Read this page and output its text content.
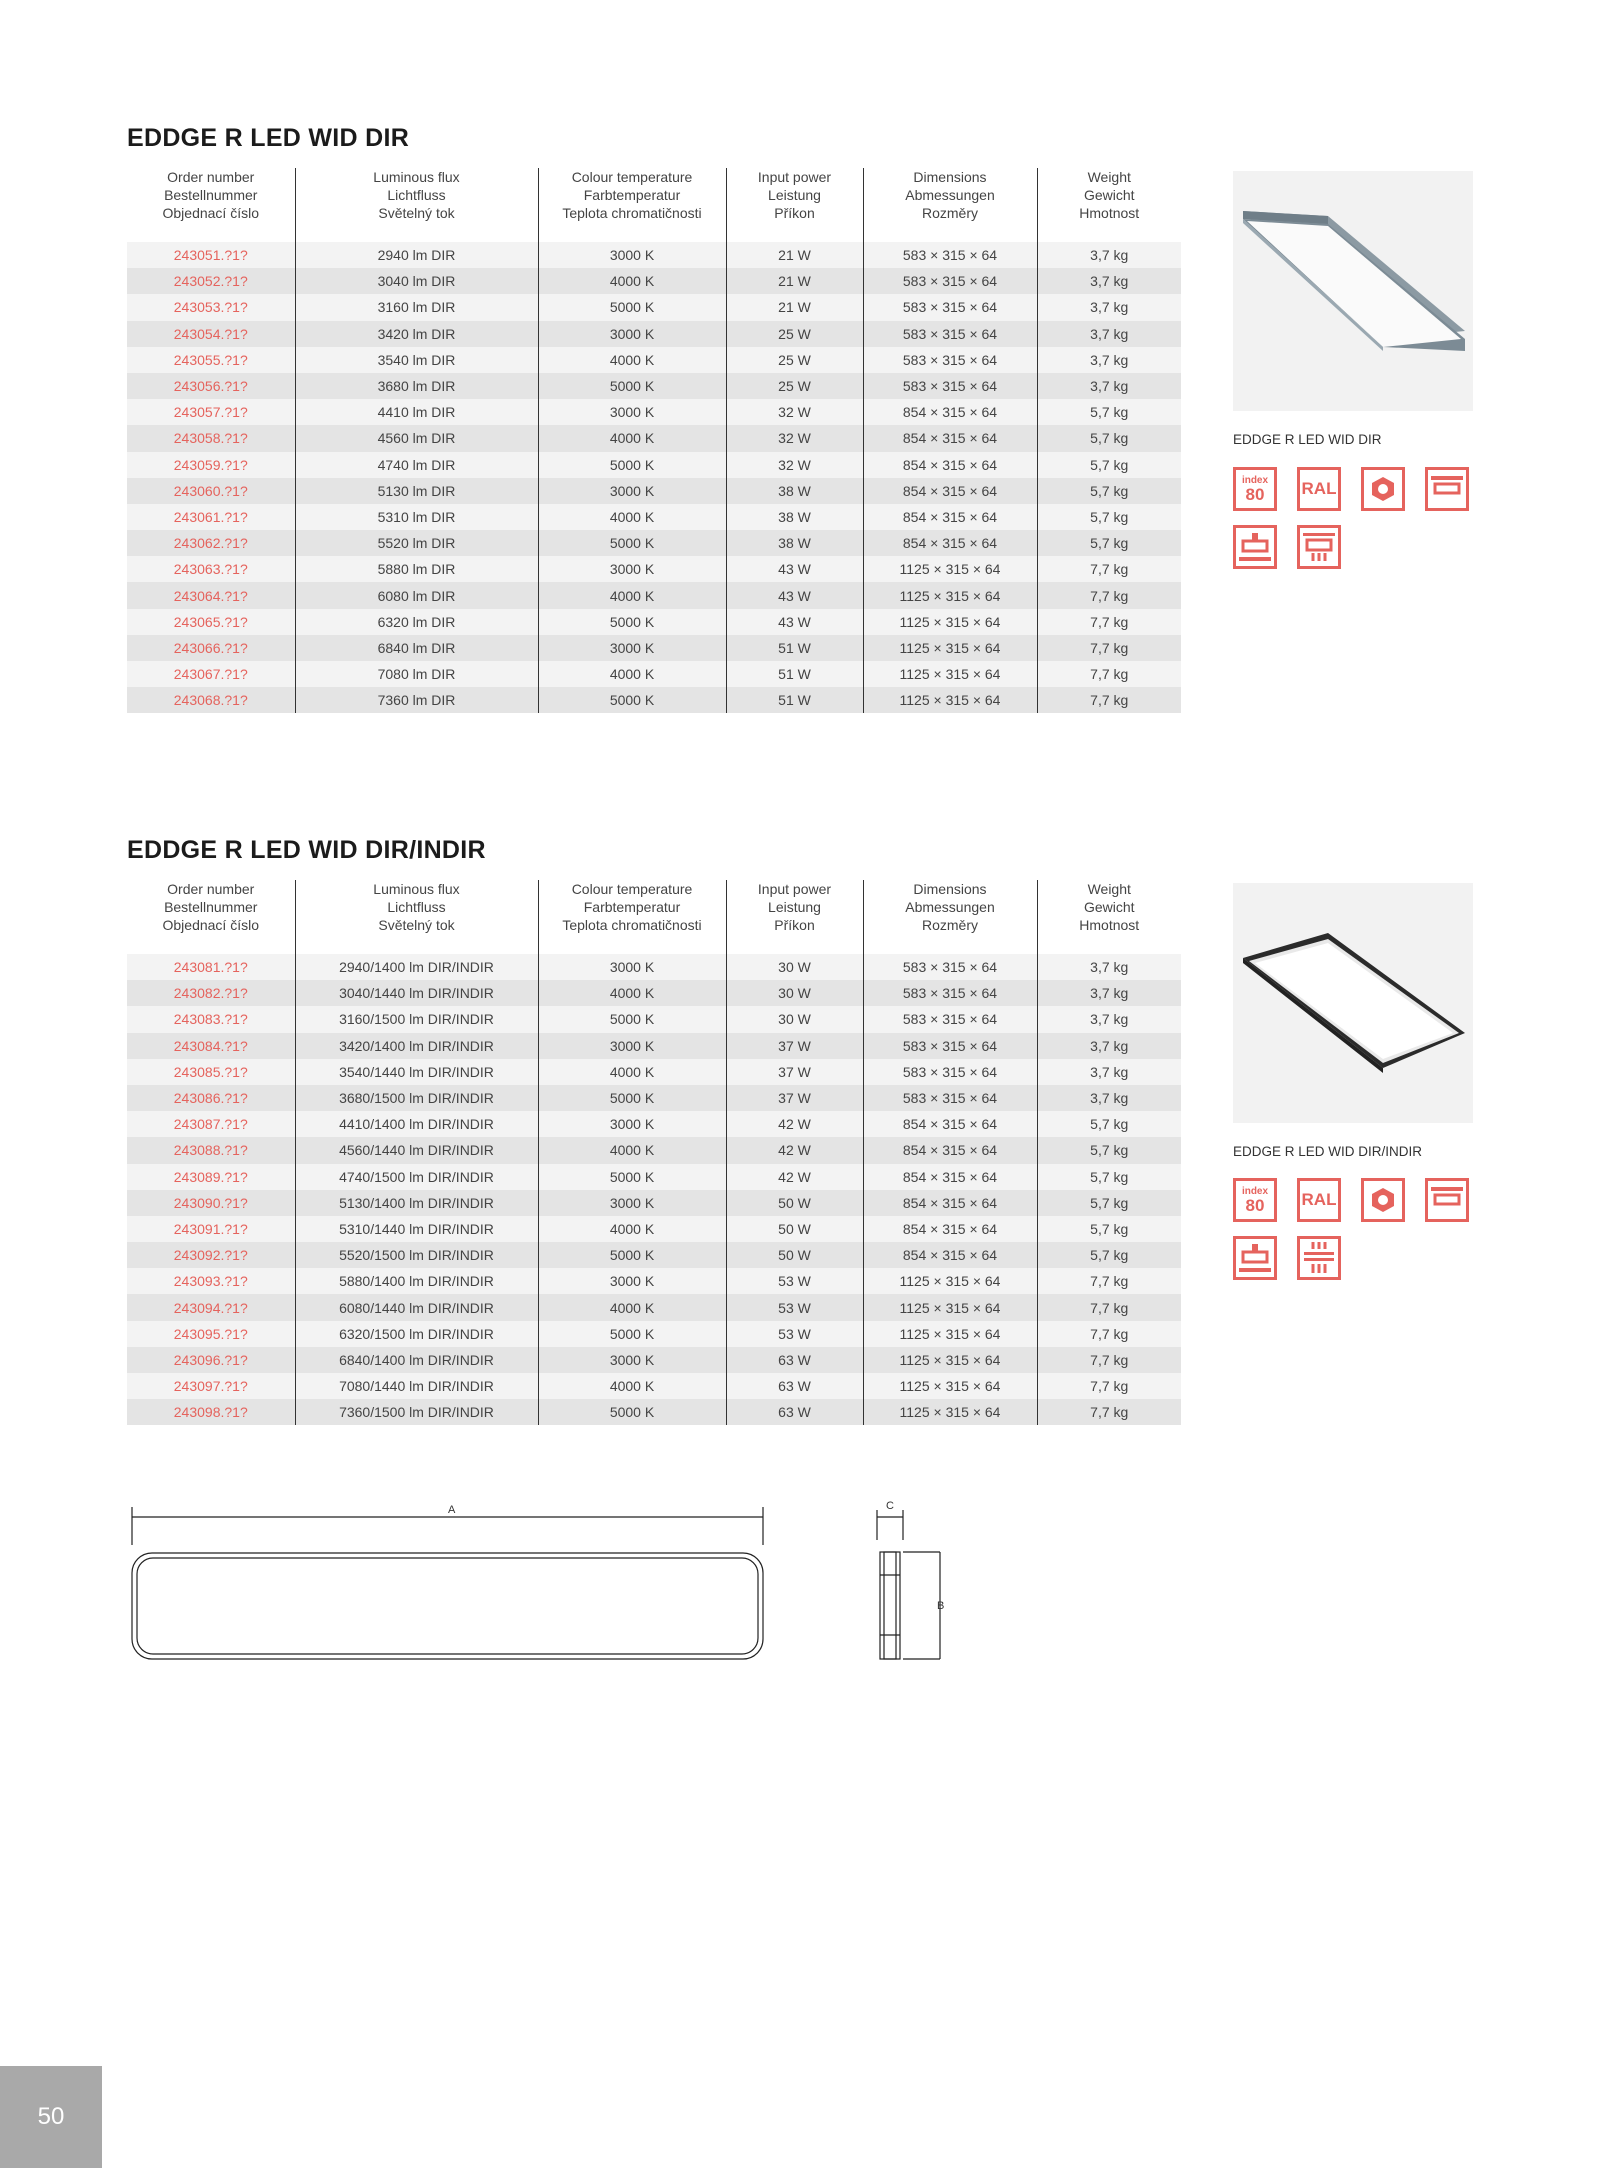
EDDGE R LED WID DIR
Order number
Bestellnummer
Objednací číslo	Luminous flux
Lichtfluss
Světelný tok	Colour temperature
Farbtemperatur
Teplota chromatičnosti	Input power
Leistung
Příkon	Dimensions
Abmessungen
Rozměry	Weight
Gewicht
Hmotnost
243051.?1?	2940 lm DIR	3000 K	21 W	583 × 315 × 64	3,7 kg
243052.?1?	3040 lm DIR	4000 K	21 W	583 × 315 × 64	3,7 kg
243053.?1?	3160 lm DIR	5000 K	21 W	583 × 315 × 64	3,7 kg
243054.?1?	3420 lm DIR	3000 K	25 W	583 × 315 × 64	3,7 kg
243055.?1?	3540 lm DIR	4000 K	25 W	583 × 315 × 64	3,7 kg
243056.?1?	3680 lm DIR	5000 K	25 W	583 × 315 × 64	3,7 kg
243057.?1?	4410 lm DIR	3000 K	32 W	854 × 315 × 64	5,7 kg
243058.?1?	4560 lm DIR	4000 K	32 W	854 × 315 × 64	5,7 kg
243059.?1?	4740 lm DIR	5000 K	32 W	854 × 315 × 64	5,7 kg
243060.?1?	5130 lm DIR	3000 K	38 W	854 × 315 × 64	5,7 kg
243061.?1?	5310 lm DIR	4000 K	38 W	854 × 315 × 64	5,7 kg
243062.?1?	5520 lm DIR	5000 K	38 W	854 × 315 × 64	5,7 kg
243063.?1?	5880 lm DIR	3000 K	43 W	1125 × 315 × 64	7,7 kg
243064.?1?	6080 lm DIR	4000 K	43 W	1125 × 315 × 64	7,7 kg
243065.?1?	6320 lm DIR	5000 K	43 W	1125 × 315 × 64	7,7 kg
243066.?1?	6840 lm DIR	3000 K	51 W	1125 × 315 × 64	7,7 kg
243067.?1?	7080 lm DIR	4000 K	51 W	1125 × 315 × 64	7,7 kg
243068.?1?	7360 lm DIR	5000 K	51 W	1125 × 315 × 64	7,7 kg
EDDGE R LED WID DIR
index
80 RAL
EDDGE R LED WID DIR/INDIR
Order number
Bestellnummer
Objednací číslo	Luminous flux
Lichtfluss
Světelný tok	Colour temperature
Farbtemperatur
Teplota chromatičnosti	Input power
Leistung
Příkon	Dimensions
Abmessungen
Rozměry	Weight
Gewicht
Hmotnost
243081.?1?	2940/1400 lm DIR/INDIR	3000 K	30 W	583 × 315 × 64	3,7 kg
243082.?1?	3040/1440 lm DIR/INDIR	4000 K	30 W	583 × 315 × 64	3,7 kg
243083.?1?	3160/1500 lm DIR/INDIR	5000 K	30 W	583 × 315 × 64	3,7 kg
243084.?1?	3420/1400 lm DIR/INDIR	3000 K	37 W	583 × 315 × 64	3,7 kg
243085.?1?	3540/1440 lm DIR/INDIR	4000 K	37 W	583 × 315 × 64	3,7 kg
243086.?1?	3680/1500 lm DIR/INDIR	5000 K	37 W	583 × 315 × 64	3,7 kg
243087.?1?	4410/1400 lm DIR/INDIR	3000 K	42 W	854 × 315 × 64	5,7 kg
243088.?1?	4560/1440 lm DIR/INDIR	4000 K	42 W	854 × 315 × 64	5,7 kg
243089.?1?	4740/1500 lm DIR/INDIR	5000 K	42 W	854 × 315 × 64	5,7 kg
243090.?1?	5130/1400 lm DIR/INDIR	3000 K	50 W	854 × 315 × 64	5,7 kg
243091.?1?	5310/1440 lm DIR/INDIR	4000 K	50 W	854 × 315 × 64	5,7 kg
243092.?1?	5520/1500 lm DIR/INDIR	5000 K	50 W	854 × 315 × 64	5,7 kg
243093.?1?	5880/1400 lm DIR/INDIR	3000 K	53 W	1125 × 315 × 64	7,7 kg
243094.?1?	6080/1440 lm DIR/INDIR	4000 K	53 W	1125 × 315 × 64	7,7 kg
243095.?1?	6320/1500 lm DIR/INDIR	5000 K	53 W	1125 × 315 × 64	7,7 kg
243096.?1?	6840/1400 lm DIR/INDIR	3000 K	63 W	1125 × 315 × 64	7,7 kg
243097.?1?	7080/1440 lm DIR/INDIR	4000 K	63 W	1125 × 315 × 64	7,7 kg
243098.?1?	7360/1500 lm DIR/INDIR	5000 K	63 W	1125 × 315 × 64	7,7 kg
EDDGE R LED WID DIR/INDIR
index
80 RAL
A	C
B
50
